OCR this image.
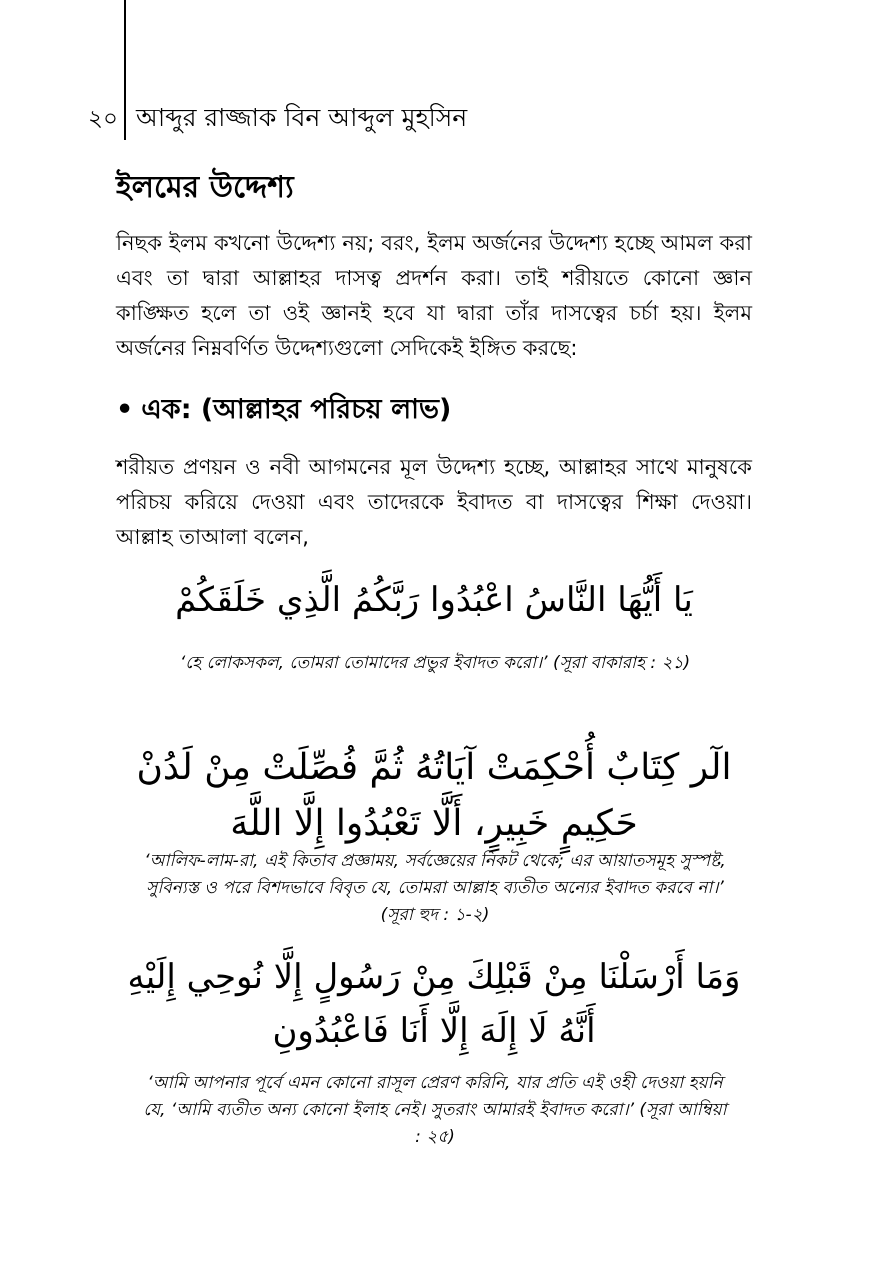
২০ আব্দুর রাজ্জাক বিন আব্দুল মুহসিন
ইলমের উদ্দেশ্য
নিছক ইলম কখনো উদ্দেশ্য নয়; বরং, ইলম অর্জনের উদ্দেশ্য হচ্ছে আমল করা এবং তা দ্বারা আল্লাহর দাসত্ব প্রদর্শন করা। তাই শরীয়তে কোনো জ্ঞান কাঙ্ক্ষিত হলে তা ওই জ্ঞানই হবে যা দ্বারা তাঁর দাসত্বের চর্চা হয়। ইলম অর্জনের নিম্নবর্ণিত উদ্দেশ্যগুলো সেদিকেই ইঙ্গিত করছে:
• এক: (আল্লাহর পরিচয় লাভ)
শরীয়ত প্রণয়ন ও নবী আগমনের মূল উদ্দেশ্য হচ্ছে, আল্লাহর সাথে মানুষকে পরিচয় করিয়ে দেওয়া এবং তাদেরকে ইবাদত বা দাসত্বের শিক্ষা দেওয়া। আল্লাহ তাআলা বলেন,
يَا أَيُّهَا النَّاسُ اعْبُدُوا رَبَّكُمُ الَّذِي خَلَقَكُمْ
‘হে লোকসকল, তোমরা তোমাদের প্রভুর ইবাদত করো।’ (সূরা বাকারাহ : ২১)
الٓر كِتَابٌ أُحْكِمَتْ آيَاتُهُ ثُمَّ فُصِّلَتْ مِنْ لَدُنْ حَكِيمٍ خَبِيرٍ، أَلَّا تَعْبُدُوا إِلَّا اللَّهَ
‘আলিফ-লাম-রা, এই কিতাব প্রজ্ঞাময়, সর্বজ্ঞেয়ের নিকট থেকে; এর আয়াতসমূহ সুস্পষ্ট, সুবিন্যস্ত ও পরে বিশদভাবে বিবৃত যে, তোমরা আল্লাহ ব্যতীত অন্যের ইবাদত করবে না।’ (সূরা হুদ : ১-২)
وَمَا أَرْسَلْنَا مِنْ قَبْلِكَ مِنْ رَسُولٍ إِلَّا نُوحِي إِلَيْهِ أَنَّهُ لَا إِلَهَ إِلَّا أَنَا فَاعْبُدُونِ
‘আমি আপনার পূর্বে এমন কোনো রাসূল প্রেরণ করিনি, যার প্রতি এই ওহী দেওয়া হয়নি যে, ‘আমি ব্যতীত অন্য কোনো ইলাহ নেই। সুতরাং আমারই ইবাদত করো।’ (সূরা আম্বিয়া : ২৫)
